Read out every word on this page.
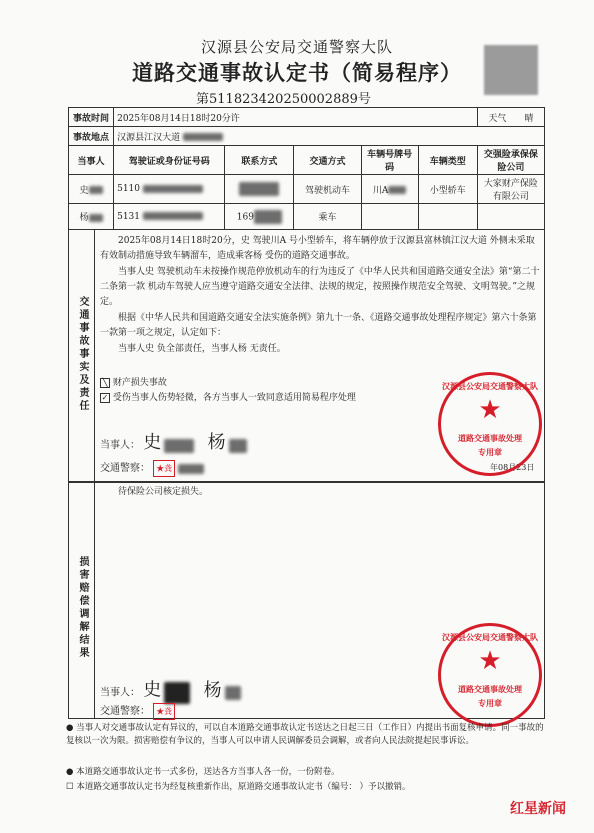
汉源县公安局交通警察大队
道路交通事故认定书（简易程序）
第5118234202500028​89号
事故时间	2025年08月14日18时20分许					天气　　 晴
事故地点	汉源县江汉大道					
当事人	驾驶证或身份证号码	联系方式	交通方式	车辆号牌号码	车辆类型	交强险承保保险公司
史	5110		驾驶机动车	川A	小型轿车	大家财产保险有限公司
杨	5131	169	乘车			
交通事故事实及责任
2025年08月14日18时20分，史 驾驶川A 号小型轿车，将车辆停放于汉源县富林镇江汉大道 外侧未采取有效制动措施导致车辆溜车，造成乘客杨 受伤的道路交通事故。
当事人史 驾驶机动车未按操作规范停放机动车的行为违反了《中华人民共和国道路交通安全法》第“第二十二条第一款 机动车驾驶人应当遵守道路交通安全法律、法规的规定，按照操作规范安全驾驶、文明驾驶。”之规定。
根据《中华人民共和国道路交通安全法实施条例》第九十一条、《道路交通事故处理程序规定》第六十条第一款第一项之规定，认定如下：
当事人史 负全部责任，当事人杨 无责任。
╲ 财产损失事故
✓ 受伤当事人伤势轻微，各方当事人一致同意适用简易程序处理
当事人： 史	杨
交通警察： ★龚	年08月23日
汉源县公安局交通警察大队
★
道路交通事故处理
专用章
损害赔偿调解结果
待保险公司核定损失。
当事人： 史 杨
交通警察： ★龚
汉源县公安局交通警察大队
★
道路交通事故处理
专用章
● 当事人对交通事故认定有异议的，可以自本道路交通事故认定书送达之日起三日（工作日）内提出书面复核申请。同一事故的复核以一次为限。损害赔偿有争议的，当事人可以申请人民调解委员会调解，或者向人民法院提起民事诉讼。
● 本道路交通事故认定书一式多份，送达各方当事人各一份，一份附卷。
☐ 本道路交通事故认定书为经复核重新作出，原道路交通事故认定书（编号： ）予以撤销。
红星新闻
